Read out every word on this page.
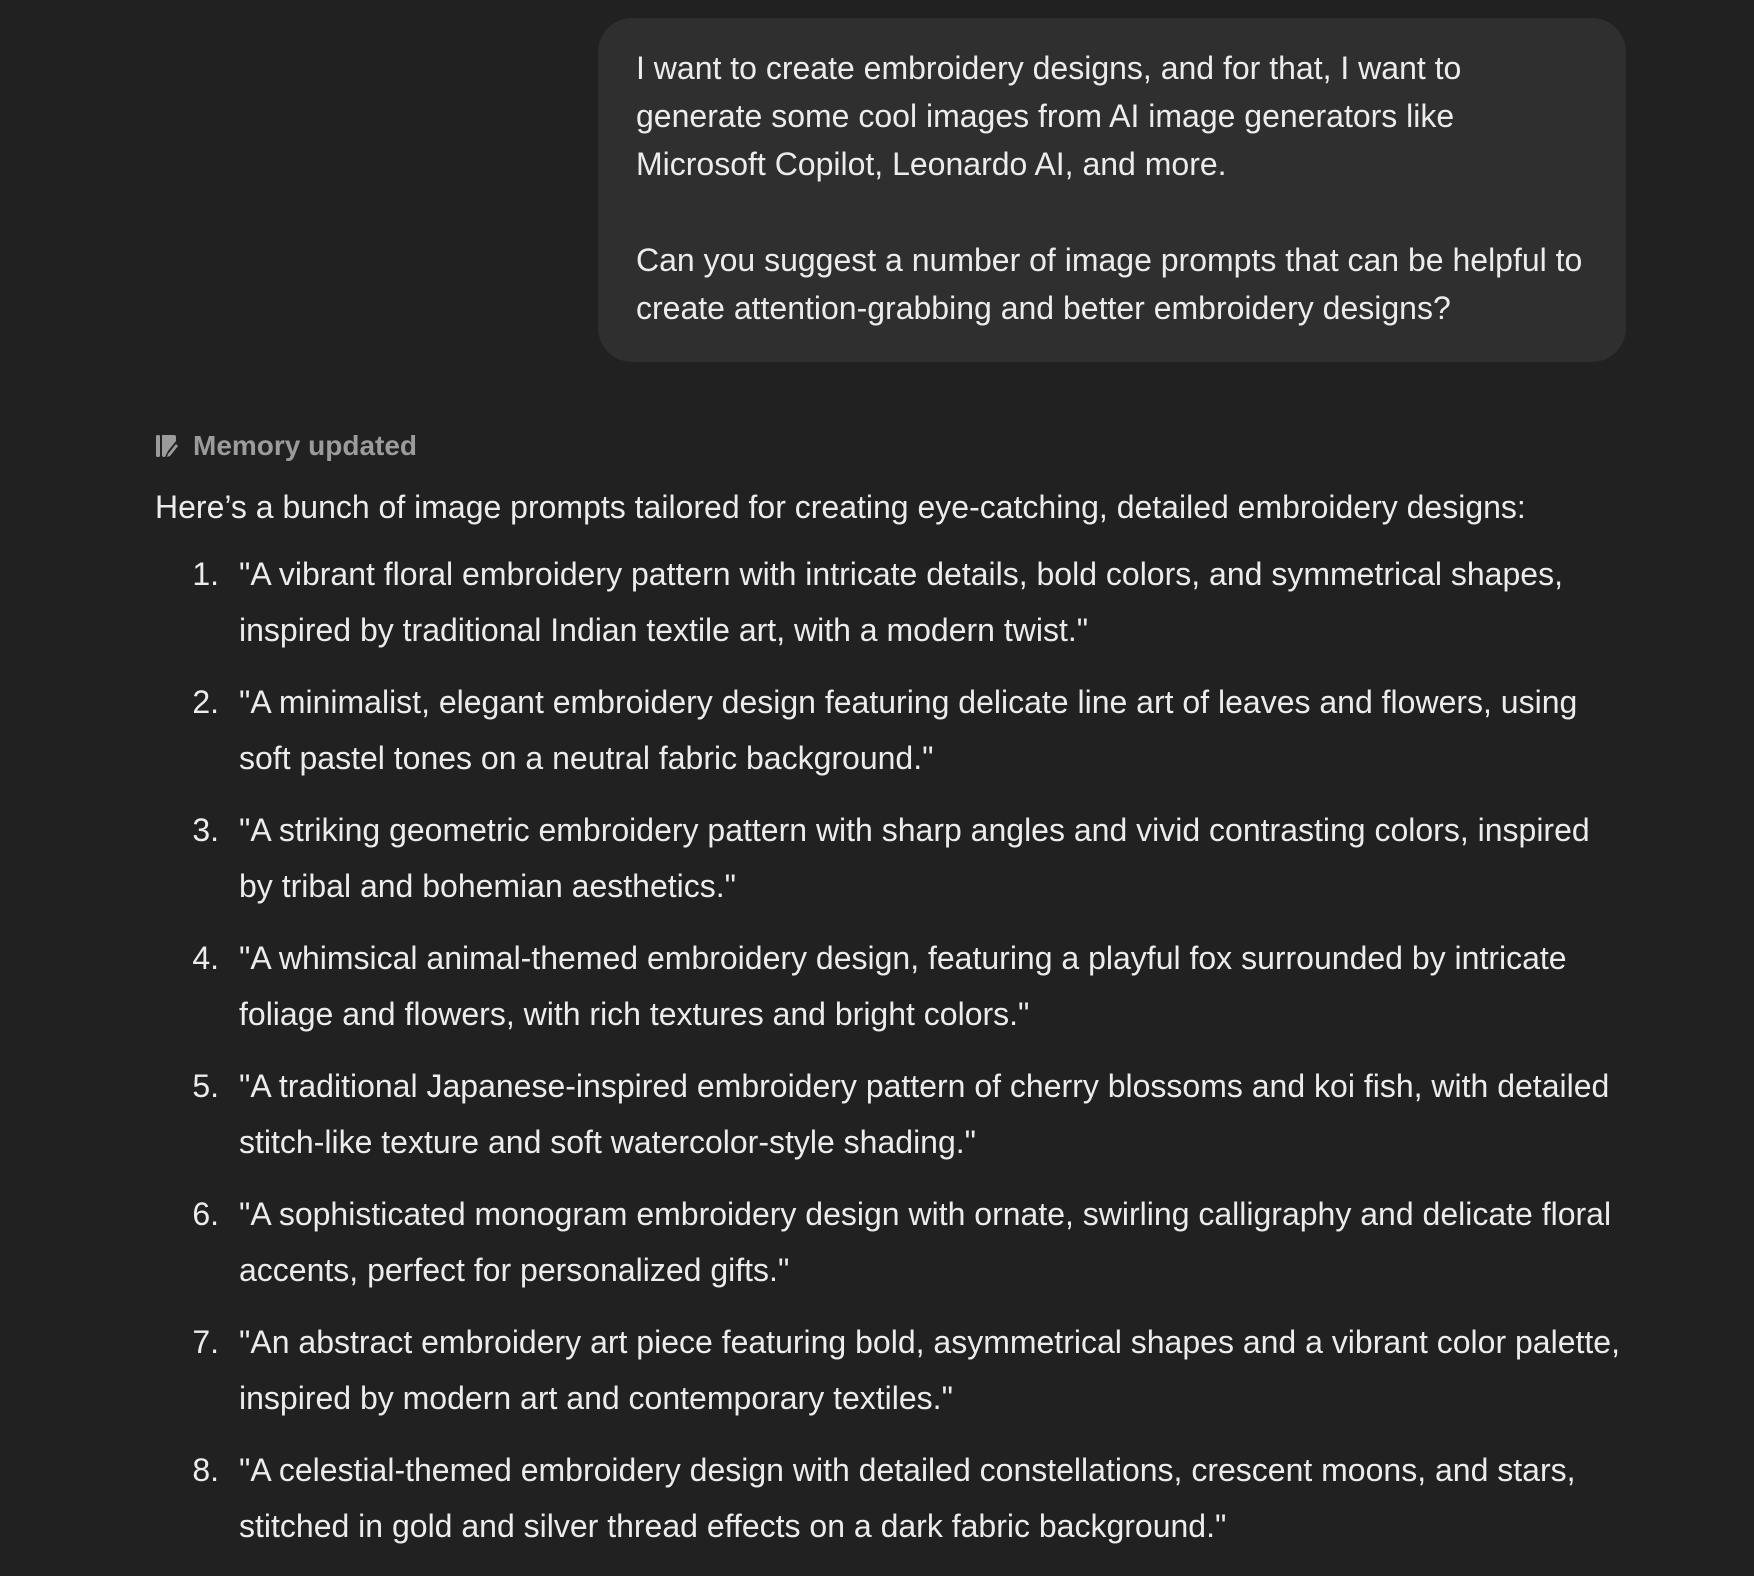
I want to create embroidery designs, and for that, I want to generate some cool images from AI image generators like Microsoft Copilot, Leonardo AI, and more.

Can you suggest a number of image prompts that can be helpful to create attention-grabbing and better embroidery designs?

Memory updated

Here’s a bunch of image prompts tailored for creating eye-catching, detailed embroidery designs:

1. "A vibrant floral embroidery pattern with intricate details, bold colors, and symmetrical shapes, inspired by traditional Indian textile art, with a modern twist."
2. "A minimalist, elegant embroidery design featuring delicate line art of leaves and flowers, using soft pastel tones on a neutral fabric background."
3. "A striking geometric embroidery pattern with sharp angles and vivid contrasting colors, inspired by tribal and bohemian aesthetics."
4. "A whimsical animal-themed embroidery design, featuring a playful fox surrounded by intricate foliage and flowers, with rich textures and bright colors."
5. "A traditional Japanese-inspired embroidery pattern of cherry blossoms and koi fish, with detailed stitch-like texture and soft watercolor-style shading."
6. "A sophisticated monogram embroidery design with ornate, swirling calligraphy and delicate floral accents, perfect for personalized gifts."
7. "An abstract embroidery art piece featuring bold, asymmetrical shapes and a vibrant color palette, inspired by modern art and contemporary textiles."
8. "A celestial-themed embroidery design with detailed constellations, crescent moons, and stars, stitched in gold and silver thread effects on a dark fabric background."
